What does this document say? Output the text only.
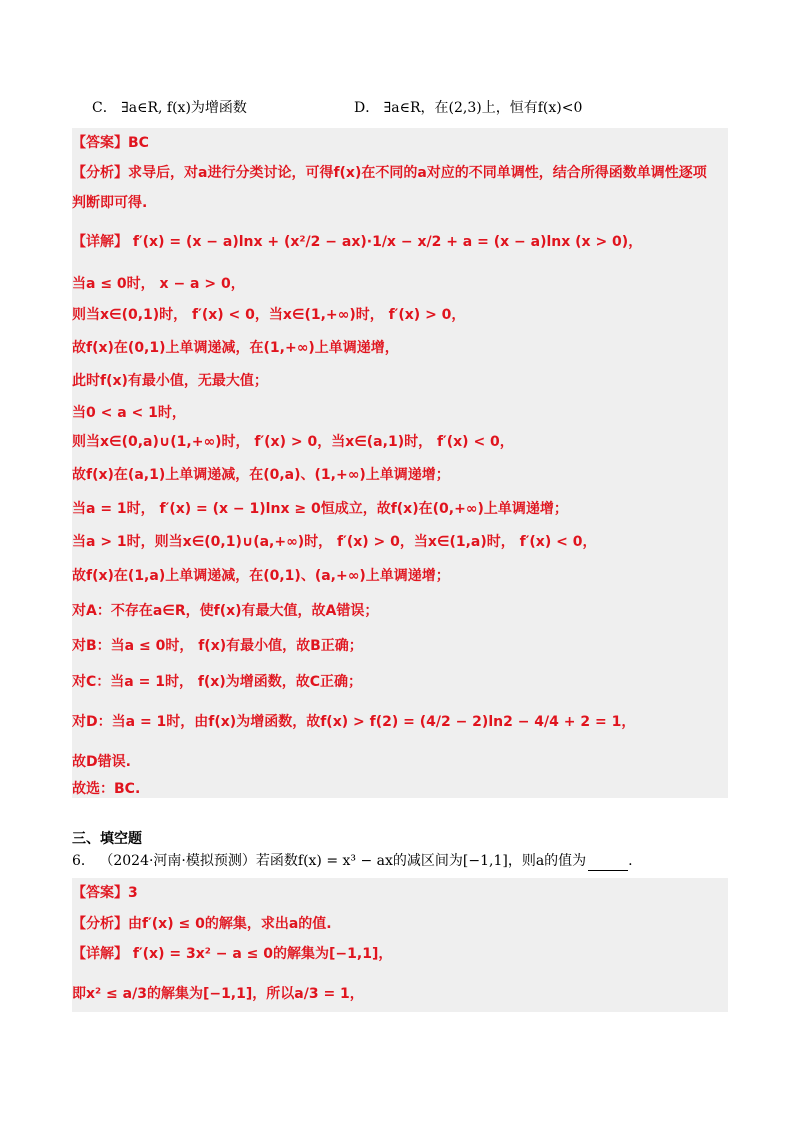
C． ∃a∈R, f(x)为增函数	D． ∃a∈R，在(2,3)上，恒有f(x)<0
【答案】BC
【分析】求导后，对a进行分类讨论，可得f(x)在不同的a对应的不同单调性，结合所得函数单调性逐项
判断即可得.
【详解】 f′(x) = (x − a)lnx + (x²/2 − ax)·1/x − x/2 + a = (x − a)lnx (x > 0)，
当a ≤ 0时， x − a > 0，
则当x∈(0,1)时， f′(x) < 0，当x∈(1,+∞)时， f′(x) > 0，
故f(x)在(0,1)上单调递减，在(1,+∞)上单调递增，
此时f(x)有最小值，无最大值；
当0 < a < 1时，
则当x∈(0,a)∪(1,+∞)时， f′(x) > 0，当x∈(a,1)时， f′(x) < 0，
故f(x)在(a,1)上单调递减，在(0,a)、(1,+∞)上单调递增；
当a = 1时， f′(x) = (x − 1)lnx ≥ 0恒成立，故f(x)在(0,+∞)上单调递增；
当a > 1时，则当x∈(0,1)∪(a,+∞)时， f′(x) > 0，当x∈(1,a)时， f′(x) < 0，
故f(x)在(1,a)上单调递减，在(0,1)、(a,+∞)上单调递增；
对A：不存在a∈R，使f(x)有最大值，故A错误；
对B：当a ≤ 0时， f(x)有最小值，故B正确；
对C：当a = 1时， f(x)为增函数，故C正确；
对D：当a = 1时，由f(x)为增函数，故f(x) > f(2) = (4/2 − 2)ln2 − 4/4 + 2 = 1，
故D错误.
故选：BC.
三、填空题
6． （2024·河南·模拟预测）若函数f(x) = x³ − ax的减区间为[−1,1]，则a的值为	.
【答案】3
【分析】由f′(x) ≤ 0的解集，求出a的值.
【详解】 f′(x) = 3x² − a ≤ 0的解集为[−1,1]，
即x² ≤ a/3的解集为[−1,1]，所以a/3 = 1，
